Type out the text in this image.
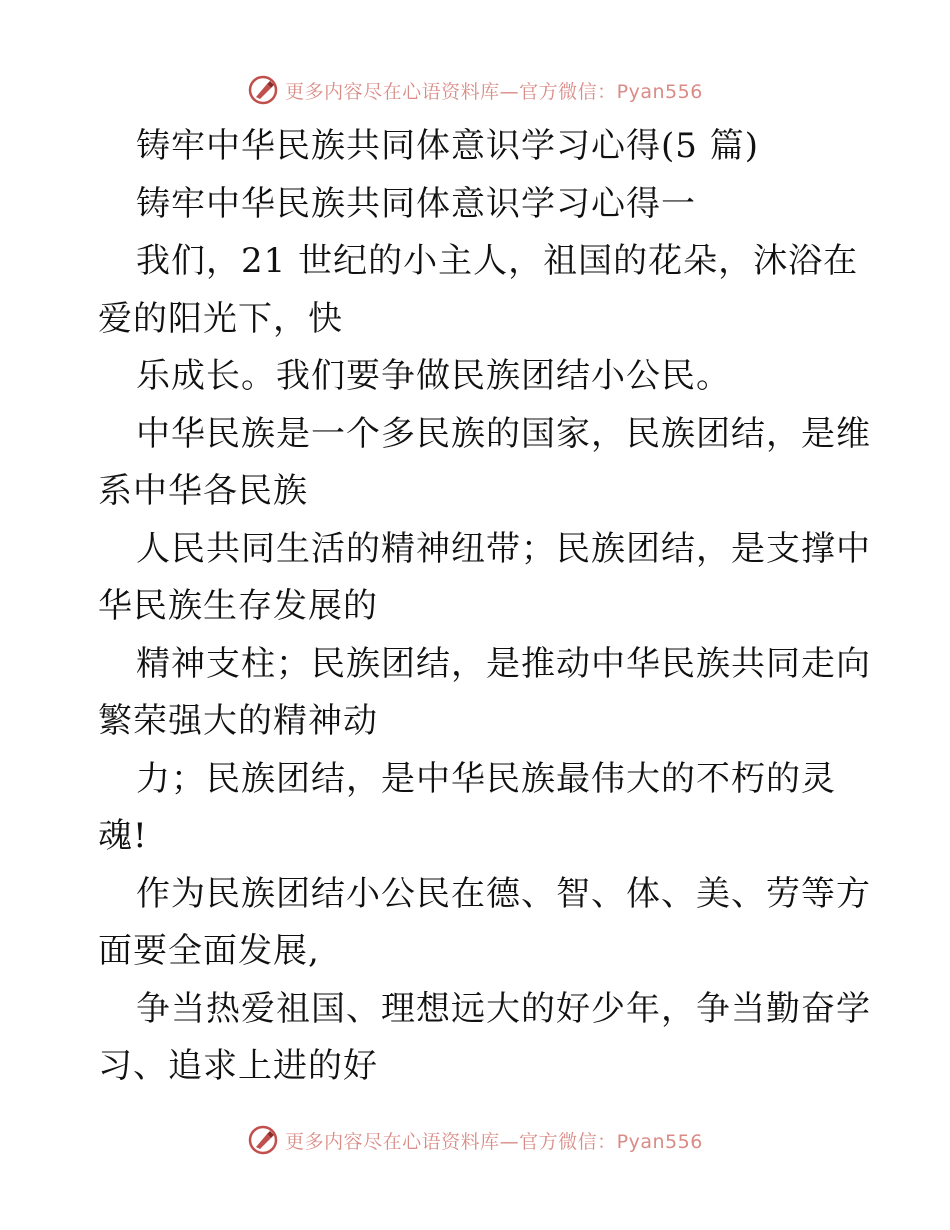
更多内容尽在心语资料库—官方微信：Pyan556
铸牢中华民族共同体意识学习心得(5 篇)
铸牢中华民族共同体意识学习心得一
我们，21 世纪的小主人，祖国的花朵，沐浴在
爱的阳光下，快
乐成长。我们要争做民族团结小公民。
中华民族是一个多民族的国家，民族团结，是维
系中华各民族
人民共同生活的精神纽带；民族团结，是支撑中
华民族生存发展的
精神支柱；民族团结，是推动中华民族共同走向
繁荣强大的精神动
力；民族团结，是中华民族最伟大的不朽的灵
魂!
作为民族团结小公民在德、智、体、美、劳等方
面要全面发展,
争当热爱祖国、理想远大的好少年，争当勤奋学
习、追求上进的好
更多内容尽在心语资料库—官方微信：Pyan556
